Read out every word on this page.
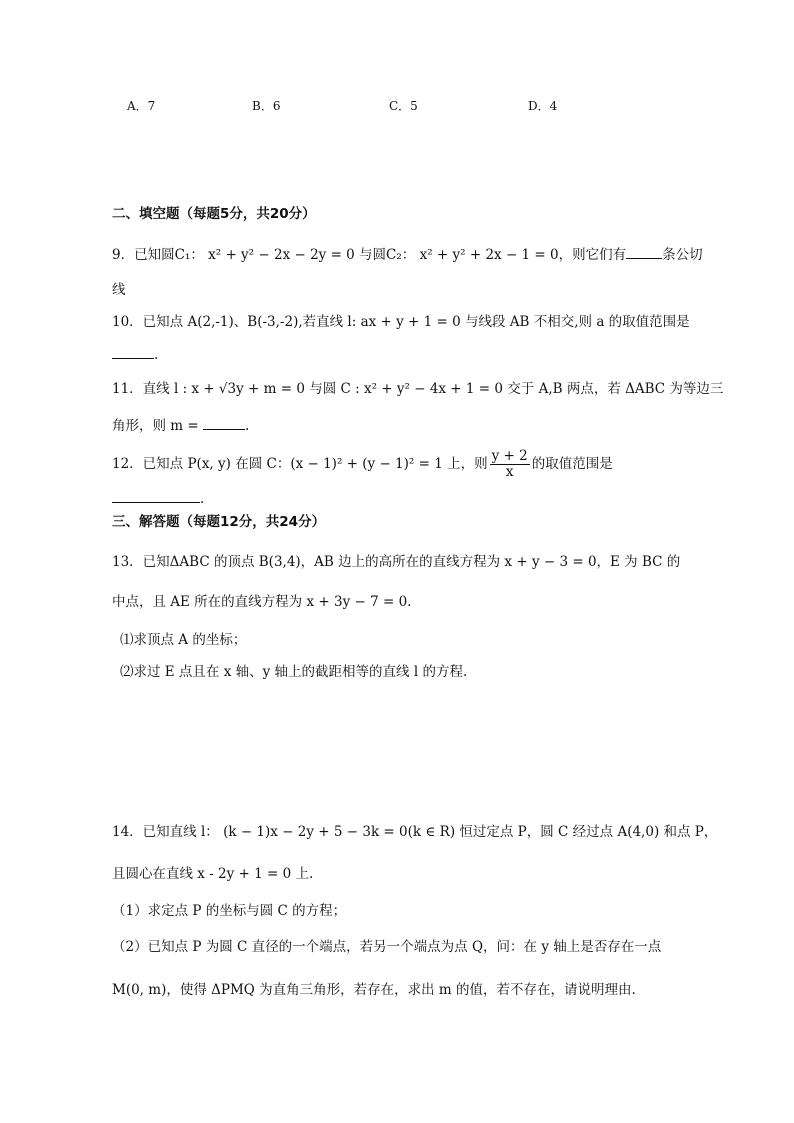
A．7	B．6	C．5	D．4
二、填空题（每题5分，共20分）
9．已知圆C₁： x² + y² − 2x − 2y = 0 与圆C₂： x² + y² + 2x − 1 = 0，则它们有	条公切
线
10．已知点 A(2,-1)、B(-3,-2),若直线 l: ax + y + 1 = 0 与线段 AB 不相交,则 a 的取值范围是
.
11．直线 l : x + √3y + m = 0 与圆 C : x² + y² − 4x + 1 = 0 交于 A,B 两点，若 ΔABC 为等边三
角形，则 m =	.
12．已知点 P(x, y) 在圆 C：(x − 1)² + (y − 1)² = 1 上，则 $\frac{y + 2}{x}$ 的取值范围是
.
三、解答题（每题12分，共24分）
13．已知ΔABC 的顶点 B(3,4)，AB 边上的高所在的直线方程为 x + y − 3 = 0，E 为 BC 的
中点，且 AE 所在的直线方程为 x + 3y − 7 = 0.
⑴求顶点 A 的坐标；
⑵求过 E 点且在 x 轴、y 轴上的截距相等的直线 l 的方程.
14．已知直线 l： (k − 1)x − 2y + 5 − 3k = 0(k ∈ R) 恒过定点 P，圆 C 经过点 A(4,0) 和点 P，
且圆心在直线 x - 2y + 1 = 0 上.
（1）求定点 P 的坐标与圆 C 的方程；
（2）已知点 P 为圆 C 直径的一个端点，若另一个端点为点 Q，问：在 y 轴上是否存在一点
M(0, m)，使得 ΔPMQ 为直角三角形，若存在，求出 m 的值，若不存在，请说明理由.
